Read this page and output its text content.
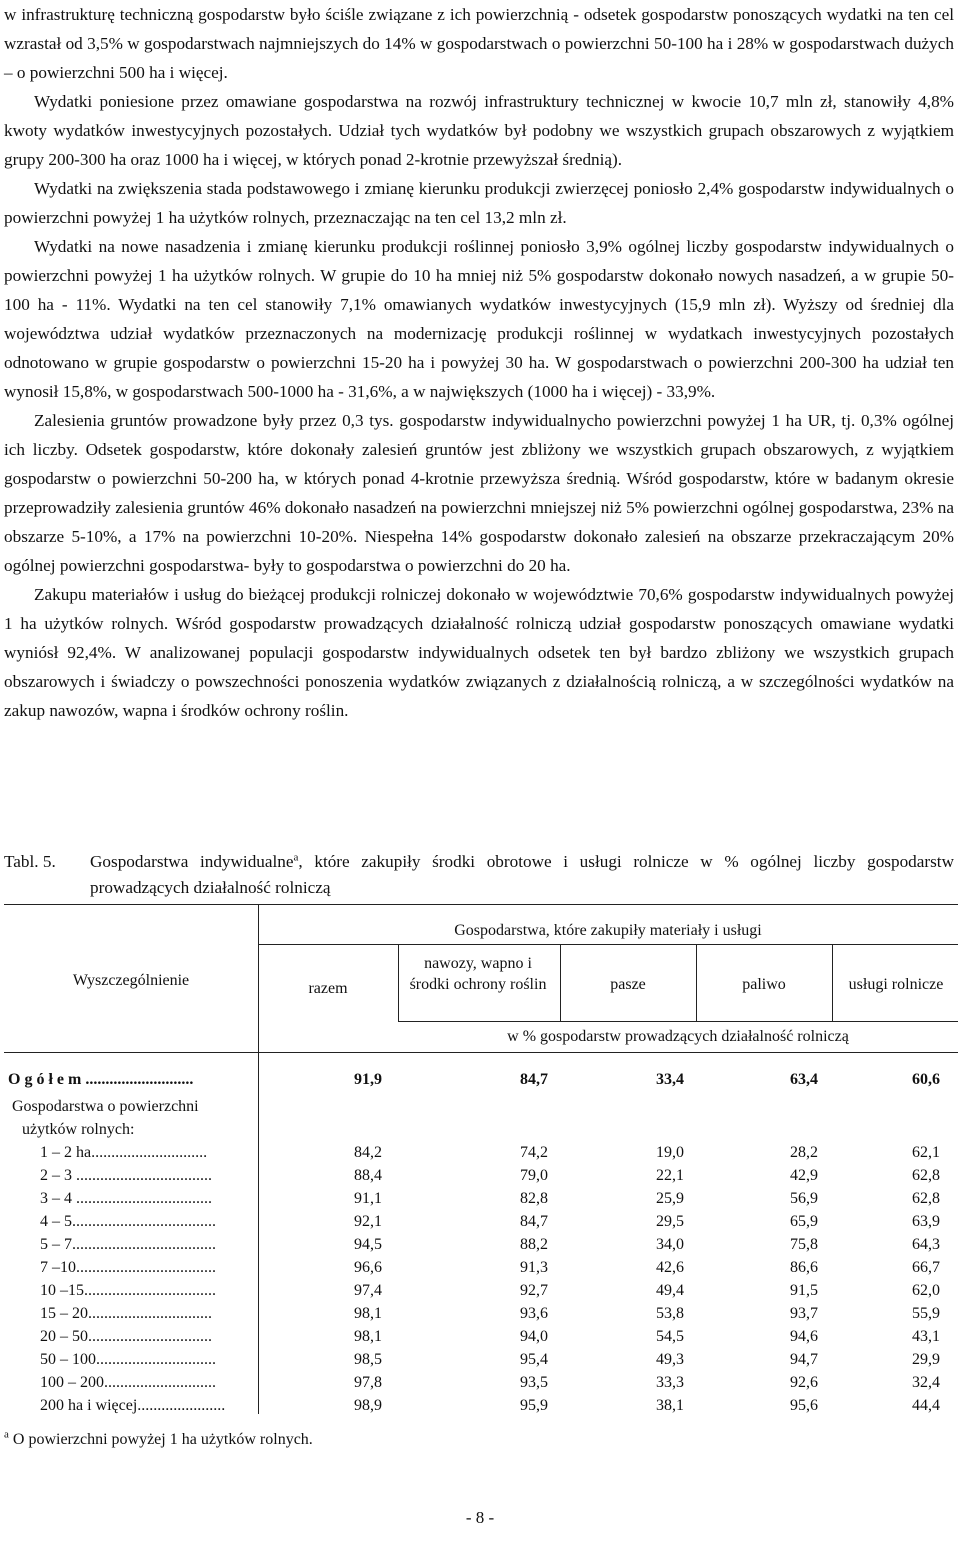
w infrastrukturę techniczną gospodarstw było ściśle związane z ich powierzchnią - odsetek gospodarstw ponoszących wydatki na ten cel wzrastał od 3,5% w gospodarstwach najmniejszych do 14% w gospodarstwach o powierzchni 50-100 ha i 28% w gospodarstwach dużych – o powierzchni 500 ha i więcej.

Wydatki poniesione przez omawiane gospodarstwa na rozwój infrastruktury technicznej w kwocie 10,7 mln zł, stanowiły 4,8% kwoty wydatków inwestycyjnych pozostałych. Udział tych wydatków był podobny we wszystkich grupach obszarowych z wyjątkiem grupy 200-300 ha oraz 1000 ha i więcej, w których ponad 2-krotnie przewyższał średnią).

Wydatki na zwiększenia stada podstawowego i zmianę kierunku produkcji zwierzęcej poniosło 2,4% gospodarstw indywidualnych o powierzchni powyżej 1 ha użytków rolnych, przeznaczając na ten cel 13,2 mln zł.

Wydatki na nowe nasadzenia i zmianę kierunku produkcji roślinnej poniosło 3,9% ogólnej liczby gospodarstw indywidualnych o powierzchni powyżej 1 ha użytków rolnych. W grupie do 10 ha mniej niż 5% gospodarstw dokonało nowych nasadzeń, a w grupie 50-100 ha - 11%. Wydatki na ten cel stanowiły 7,1% omawianych wydatków inwestycyjnych (15,9 mln zł). Wyższy od średniej dla województwa udział wydatków przeznaczonych na modernizację produkcji roślinnej w wydatkach inwestycyjnych pozostałych odnotowano w grupie gospodarstw o powierzchni 15-20 ha i powyżej 30 ha. W gospodarstwach o powierzchni 200-300 ha udział ten wynosił 15,8%, w gospodarstwach 500-1000 ha - 31,6%, a w największych (1000 ha i więcej) - 33,9%.

Zalesienia gruntów prowadzone były przez 0,3 tys. gospodarstw indywidualnycho powierzchni powyżej 1 ha UR, tj. 0,3% ogólnej ich liczby. Odsetek gospodarstw, które dokonały zalesień gruntów jest zbliżony we wszystkich grupach obszarowych, z wyjątkiem gospodarstw o powierzchni 50-200 ha, w których ponad 4-krotnie przewyższa średnią. Wśród gospodarstw, które w badanym okresie przeprowadziły zalesienia gruntów 46% dokonało nasadzeń na powierzchni mniejszej niż 5% powierzchni ogólnej gospodarstwa, 23% na obszarze 5-10%, a 17% na powierzchni 10-20%. Niespełna 14% gospodarstw dokonało zalesień na obszarze przekraczającym 20% ogólnej powierzchni gospodarstwa- były to gospodarstwa o powierzchni do 20 ha.

Zakupu materiałów i usług do bieżącej produkcji rolniczej dokonało w województwie 70,6% gospodarstw indywidualnych powyżej 1 ha użytków rolnych. Wśród gospodarstw prowadzących działalność rolniczą udział gospodarstw ponoszących omawiane wydatki wyniósł 92,4%. W analizowanej populacji gospodarstw indywidualnych odsetek ten był bardzo zbliżony we wszystkich grupach obszarowych i świadczy o powszechności ponoszenia wydatków związanych z działalnością rolniczą, a w szczególności wydatków na zakup nawozów, wapna i środków ochrony roślin.

Tabl. 5. Gospodarstwa indywidualne$^a$, które zakupiły środki obrotowe i usługi rolnicze w % ogólnej liczby gospodarstw prowadzących działalność rolniczą
Wyszczególnienie
Gospodarstwa, które zakupiły materiały i usługi
razem
nawozy, wapno i środki ochrony roślin	pasze	paliwo	usługi rolnicze
w % gospodarstw prowadzących działalność rolniczą
O g ó ł e m ...........................	91,9	84,7	33,4	63,4	60,6
Gospodarstwa o powierzchni
użytków rolnych:
1 – 2 ha.............................	84,2	74,2	19,0	28,2	62,1
2 – 3 ..................................	88,4	79,0	22,1	42,9	62,8
3 – 4 ..................................	91,1	82,8	25,9	56,9	62,8
4 – 5....................................	92,1	84,7	29,5	65,9	63,9
5 – 7....................................	94,5	88,2	34,0	75,8	64,3
7 –10...................................	96,6	91,3	42,6	86,6	66,7
10 –15.................................	97,4	92,7	49,4	91,5	62,0
15 – 20...............................	98,1	93,6	53,8	93,7	55,9
20 – 50...............................	98,1	94,0	54,5	94,6	43,1
50 – 100..............................	98,5	95,4	49,3	94,7	29,9
100 – 200............................	97,8	93,5	33,3	92,6	32,4
200 ha i więcej......................	98,9	95,9	38,1	95,6	44,4
$^a$ O powierzchni powyżej 1 ha użytków rolnych.
- 8 -
